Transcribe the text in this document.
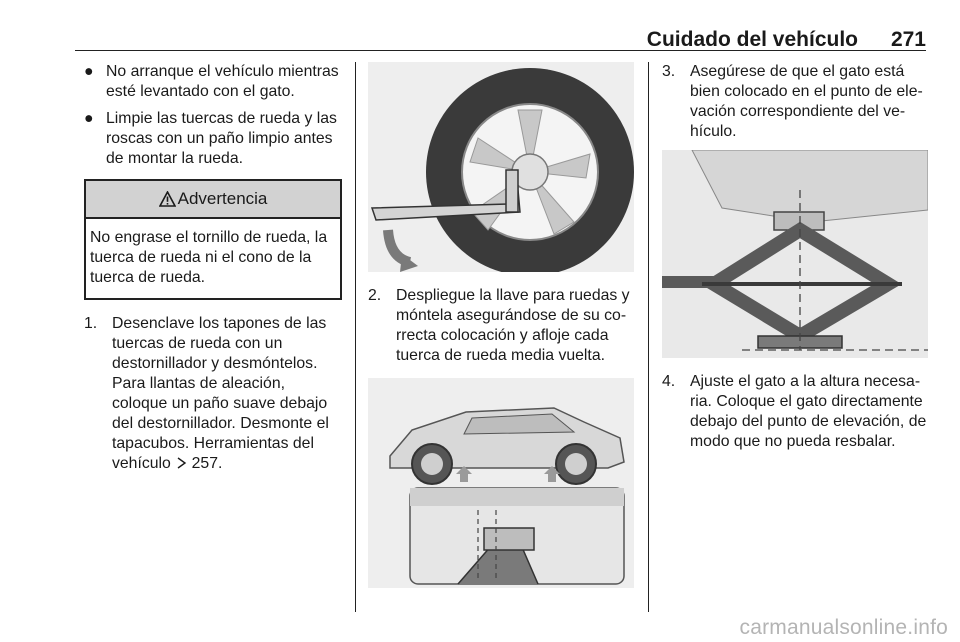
Cuidado del vehículo 271
● No arranque el vehículo mientras esté levantado con el gato.
● Limpie las tuercas de rueda y las roscas con un paño limpio antes de montar la rueda.
Advertencia
No engrase el tornillo de rueda, la tuerca de rueda ni el cono de la tuerca de rueda.
1. Desenclave los tapones de las tuercas de rueda con un destornillador y desmóntelos. Para llantas de aleación, coloque un paño suave debajo del destornillador. Desmonte el tapacubos. Herramientas del vehículo 257.
2. Despliegue la llave para ruedas y móntela asegurándose de su correcta colocación y afloje cada tuerca de rueda media vuelta.
3. Asegúrese de que el gato está bien colocado en el punto de elevación correspondiente del vehículo.
4. Ajuste el gato a la altura necesaria. Coloque el gato directamente debajo del punto de elevación, de modo que no pueda resbalar.
carmanualsonline.info
